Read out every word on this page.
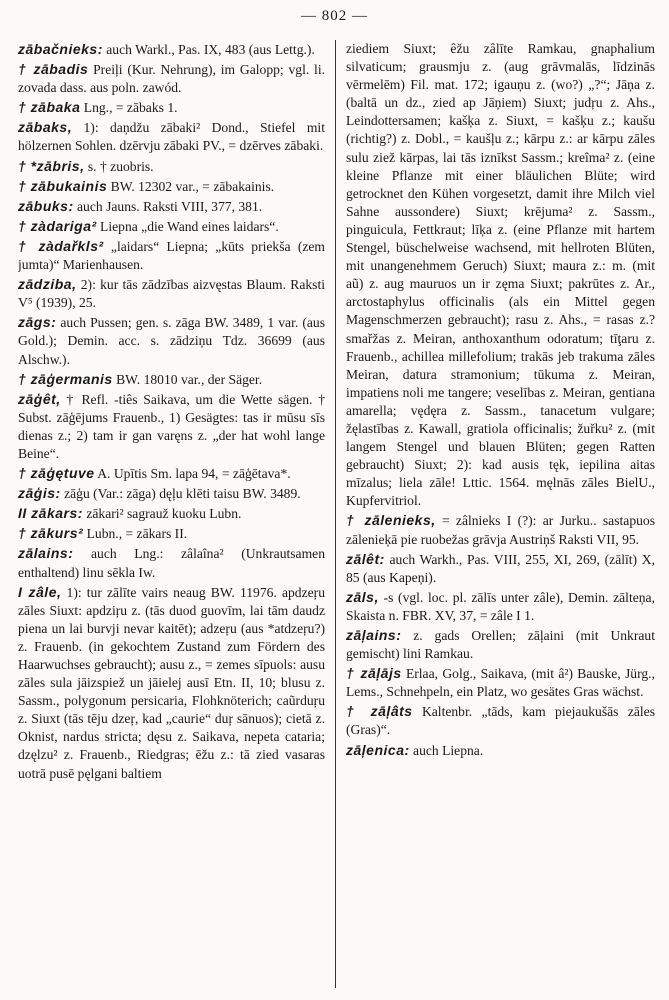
— 802 —

zābačnieks: auch Warkl., Pas. IX, 483 (aus Lettg.).

† zābadis Preiļi (Kur. Nehrung), im Galopp; vgl. li. zovada dass. aus poln. zawód.

† zābaka Lng., = zābaks 1.

zābaks, 1): daņdžu zābaki² Dond., Stiefel mit hölzernen Sohlen. dzērvju zābaki PV., = dzērves zābaki.

† *zābris, s. † zuobris.

† zābukainis BW. 12302 var., = zābakainis.

zābuks: auch Jauns. Raksti VIII, 377, 381.

† zàdariga² Liepna „die Wand eines laidars“.

† zàdařkls² „laidars“ Liepna; „kūts priekša (zem jumta)“ Marienhausen.

zādziba, 2): kur tās zādzības aizvęstas Blaum. Raksti V⁵ (1939), 25.

zāgs: auch Pussen; gen. s. zāga BW. 3489, 1 var. (aus Gold.); Demin. acc. s. zādziņu Tdz. 36699 (aus Alschw.).

† zāģermanis BW. 18010 var., der Säger.

zāģêt, † Refl. -tiês Saikava, um die Wette sägen. † Subst. zāģējums Frauenb., 1) Gesägtes: tas ir mūsu sīs dienas z.; 2) tam ir gan varęns z. „der hat wohl lange Beine“.

† zāģętuve A. Upītis Sm. lapa 94, = zāģētava*.

zāģis: zāģu (Var.: zāga) dęļu klēti taisu BW. 3489.

II zākars: zākari² sagrauž kuoku Lubn.

† zākurs² Lubn., = zākars II.

zālains: auch Lng.: zâlaîna² (Unkrautsamen enthaltend) linu sēkla Iw.

I zâle, 1): tur zālīte vairs neaug BW. 11976. apdzeŗu zāles Siuxt: apdziŗu z. (tās duod guovīm, lai tām daudz piena un lai burvji nevar kaitēt); adzeŗu (aus *atdzeŗu?) z. Frauenb. (in gekochtem Zustand zum Fördern des Haarwuchses gebraucht); ausu z., = zemes sīpuols: ausu zāles sula jāizspiež un jāielej ausī Etn. II, 10; blusu z. Sassm., polygonum persicaria, Flohknöterich; caũrduŗu z. Siuxt (tās tēju dzeŗ, kad „caurie“ duŗ sānuos); cietā z. Oknist, nardus stricta; dęsu z. Saikava, nepeta cataria; dzęlzu² z. Frauenb., Riedgras; ēžu z.: tā zied vasaras uotrā pusē pęlgani baltiem

ziediem Siuxt; êžu zâlīte Ramkau, gnaphalium silvaticum; grausmju z. (aug grāvmalās, līdzinās vērmelēm) Fil. mat. 172; igauņu z. (wo?) „?“; Jāņa z. (baltā un dz., zied ap Jāņiem) Siuxt; judŗu z. Ahs., Leindottersamen; kašķa z. Siuxt, = kašķu z.; kaušu (richtig?) z. Dobl., = kaušļu z.; kārpu z.: ar kārpu zāles sulu ziež kārpas, lai tās iznīkst Sassm.; kreîma² z. (eine kleine Pflanze mit einer bläulichen Blüte; wird getrocknet den Kühen vorgesetzt, damit ihre Milch viel Sahne aussondere) Siuxt; krējuma² z. Sassm., pinguicula, Fettkraut; līķa z. (eine Pflanze mit hartem Stengel, büschelweise wachsend, mit hellroten Blüten, mit unangenehmem Geruch) Siuxt; maura z.: m. (mit aũ) z. aug mauruos un ir zęma Siuxt; pakrūtes z. Ar., arctostaphylus officinalis (als ein Mittel gegen Magenschmerzen gebraucht); rasu z. Ahs., = rasas z.? smařžas z. Meiran, anthoxanthum odoratum; tīţaru z. Frauenb., achillea millefolium; trakās jeb trakuma zāles Meiran, datura stramonium; tūkuma z. Meiran, impatiens noli me tangere; veselības z. Meiran, gentiana amarella; vędęra z. Sassm., tanacetum vulgare; žęlastības z. Kawall, gratiola officinalis; žuřku² z. (mit langem Stengel und blauen Blüten; gegen Ratten gebraucht) Siuxt; 2): kad ausis tęk, iepilina aitas mīzalus; liela zāle! Lttic. 1564. męlnās zāles BielU., Kupfervitriol.

† zālenieks, = zâlnieks I (?): ar Jurku.. sastapuos zālenieķā pie ruobežas grāvja Austriņš Raksti VII, 95.

zālêt: auch Warkh., Pas. VIII, 255, XI, 269, (zālīt) X, 85 (aus Kapeņi).

zāls, -s (vgl. loc. pl. zālīs unter zâle), Demin. zālteņa, Skaista n. FBR. XV, 37, = zâle I 1.

zāļains: z. gads Orellen; zāļaini (mit Unkraut gemischt) lini Ramkau.

† zāļājs Erlaa, Golg., Saikava, (mit â²) Bauske, Jürg., Lems., Schnehpeln, ein Platz, wo gesätes Gras wächst.

† zāļâts Kaltenbr. „tāds, kam piejaukušās zāles (Gras)“.

zāļenica: auch Liepna.
